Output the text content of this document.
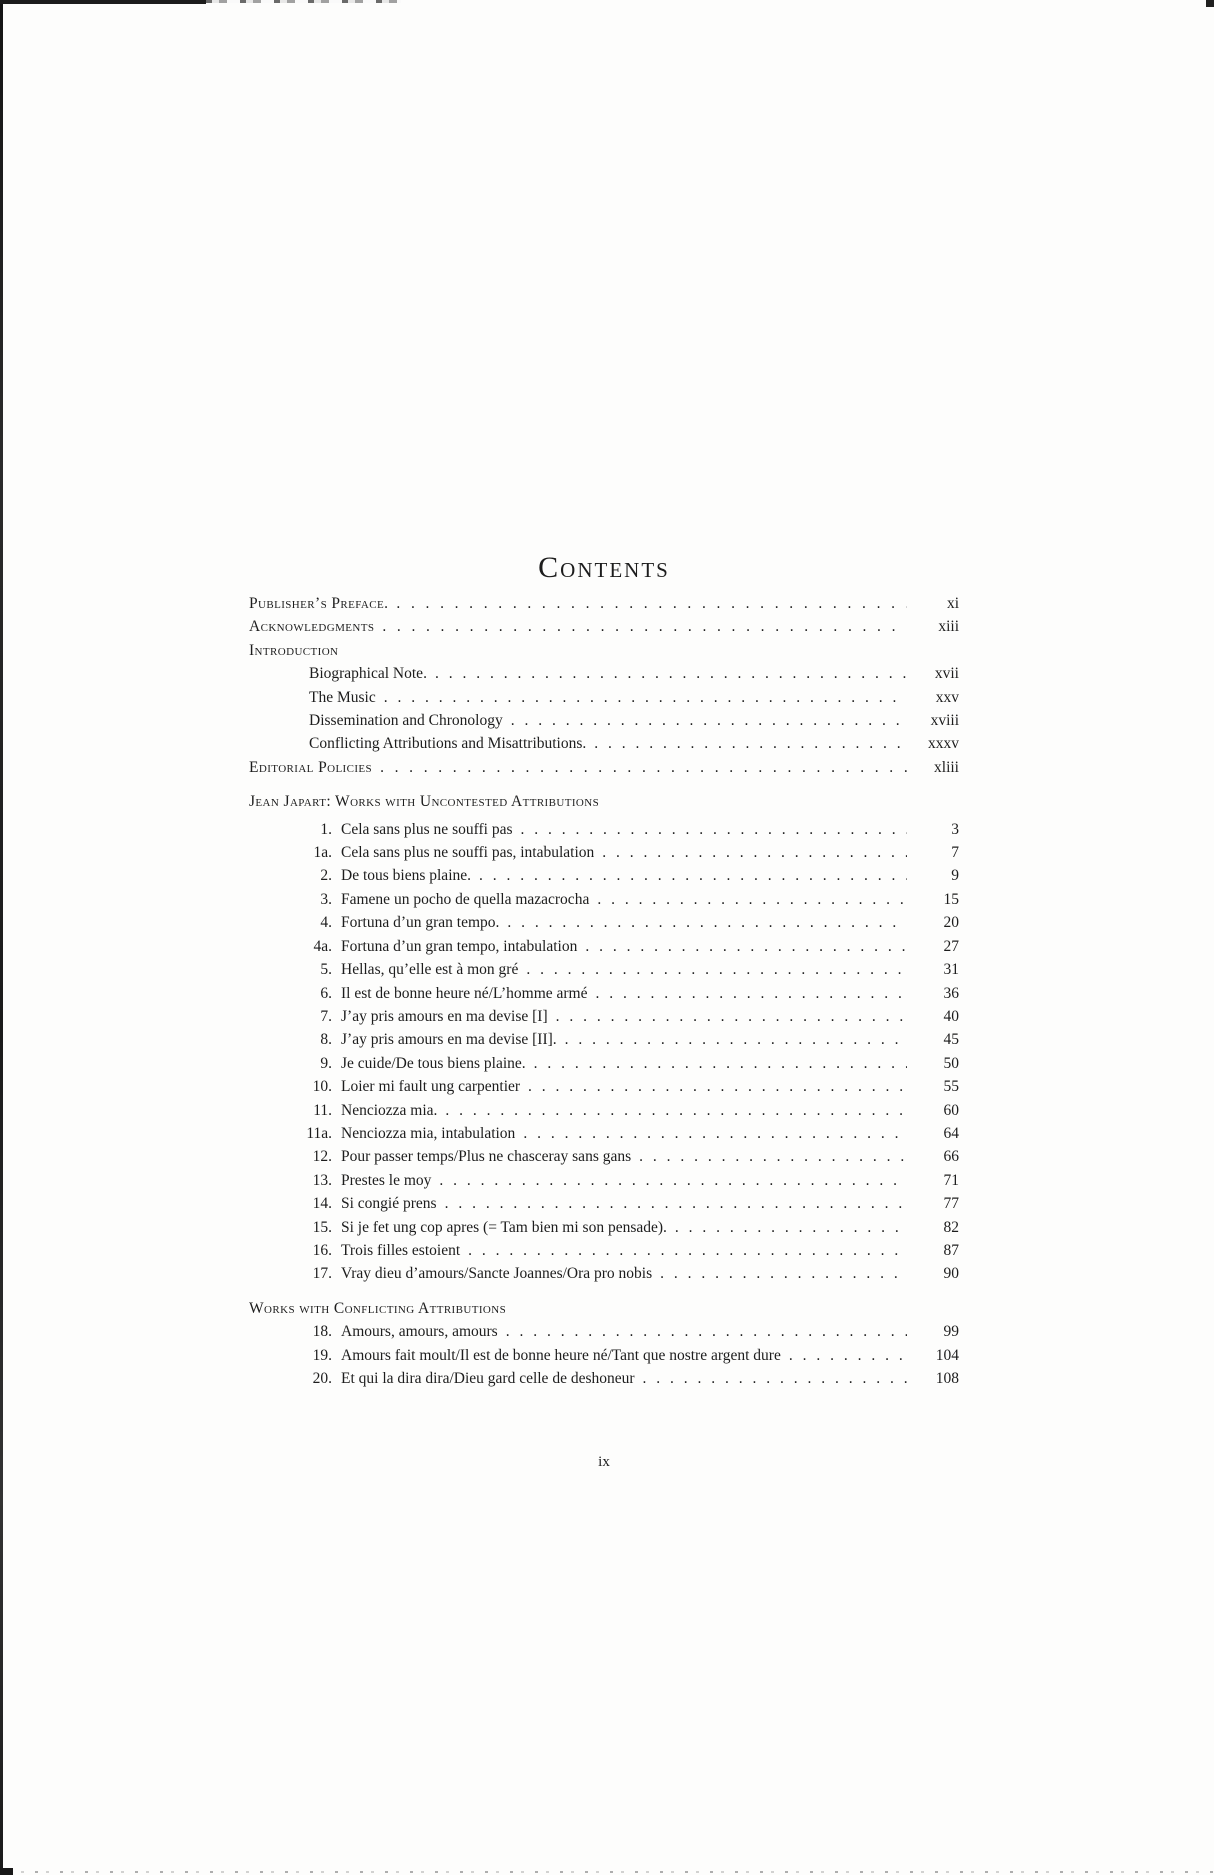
Contents
Publisher’s Preface. . . .	xi
Acknowledgments . . .	xiii
Introduction
Biographical Note. . . .	xvii
The Music . . .	xxv
Dissemination and Chronology . . .	xviii
Conflicting Attributions and Misattributions. . . .	xxxv
Editorial Policies . . .	xliii
Jean Japart: Works with Uncontested Attributions
1. Cela sans plus ne souffi pas . . .	3
1a. Cela sans plus ne souffi pas, intabulation . . .	7
2. De tous biens plaine. . . .	9
3. Famene un pocho de quella mazacrocha . . .	15
4. Fortuna d’un gran tempo. . . .	20
4a. Fortuna d’un gran tempo, intabulation . . .	27
5. Hellas, qu’elle est à mon gré . . .	31
6. Il est de bonne heure né/L’homme armé . . .	36
7. J’ay pris amours en ma devise [I] . . .	40
8. J’ay pris amours en ma devise [II]. . . .	45
9. Je cuide/De tous biens plaine. . . .	50
10. Loier mi fault ung carpentier . . .	55
11. Nenciozza mia. . . .	60
11a. Nenciozza mia, intabulation . . .	64
12. Pour passer temps/Plus ne chasceray sans gans . . .	66
13. Prestes le moy . . .	71
14. Si congié prens . . .	77
15. Si je fet ung cop apres (= Tam bien mi son pensade). . . .	82
16. Trois filles estoient . . .	87
17. Vray dieu d’amours/Sancte Joannes/Ora pro nobis . . .	90
Works with Conflicting Attributions
18. Amours, amours, amours . . .	99
19. Amours fait moult/Il est de bonne heure né/Tant que nostre argent dure . . .	104
20. Et qui la dira dira/Dieu gard celle de deshoneur . . .	108
ix
